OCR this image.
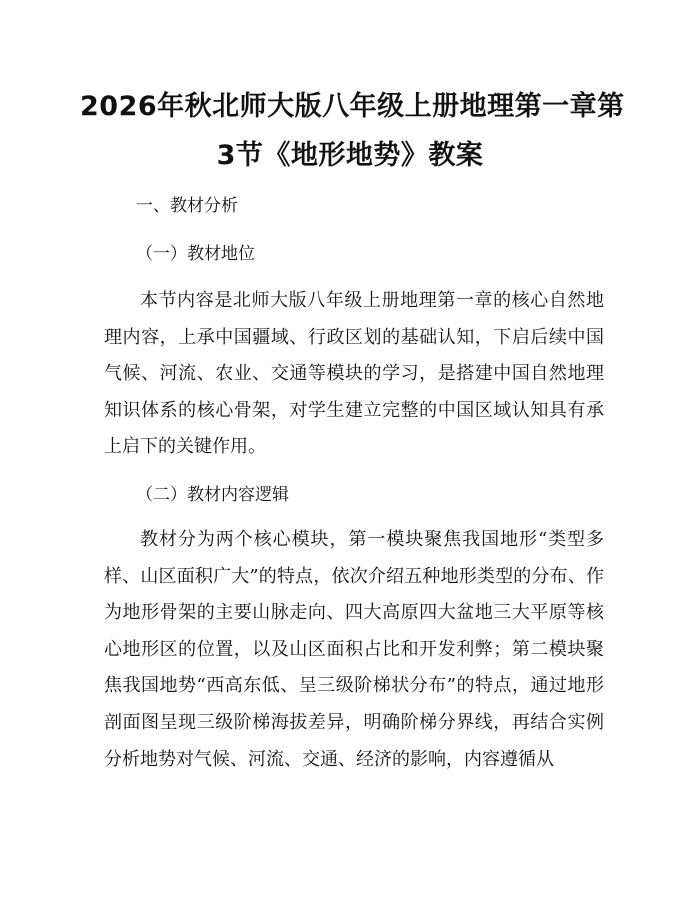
2026年秋北师大版八年级上册地理第一章第
3节《地形地势》教案
一、教材分析
（一）教材地位

本节内容是北师大版八年级上册地理第一章的核心自然地理内容，上承中国疆域、行政区划的基础认知，下启后续中国气候、河流、农业、交通等模块的学习，是搭建中国自然地理知识体系的核心骨架，对学生建立完整的中国区域认知具有承上启下的关键作用。

（二）教材内容逻辑

教材分为两个核心模块，第一模块聚焦我国地形“类型多样、山区面积广大”的特点，依次介绍五种地形类型的分布、作为地形骨架的主要山脉走向、四大高原四大盆地三大平原等核心地形区的位置，以及山区面积占比和开发利弊；第二模块聚焦我国地势“西高东低、呈三级阶梯状分布”的特点，通过地形剖面图呈现三级阶梯海拔差异，明确阶梯分界线，再结合实例分析地势对气候、河流、交通、经济的影响，内容遵循从
